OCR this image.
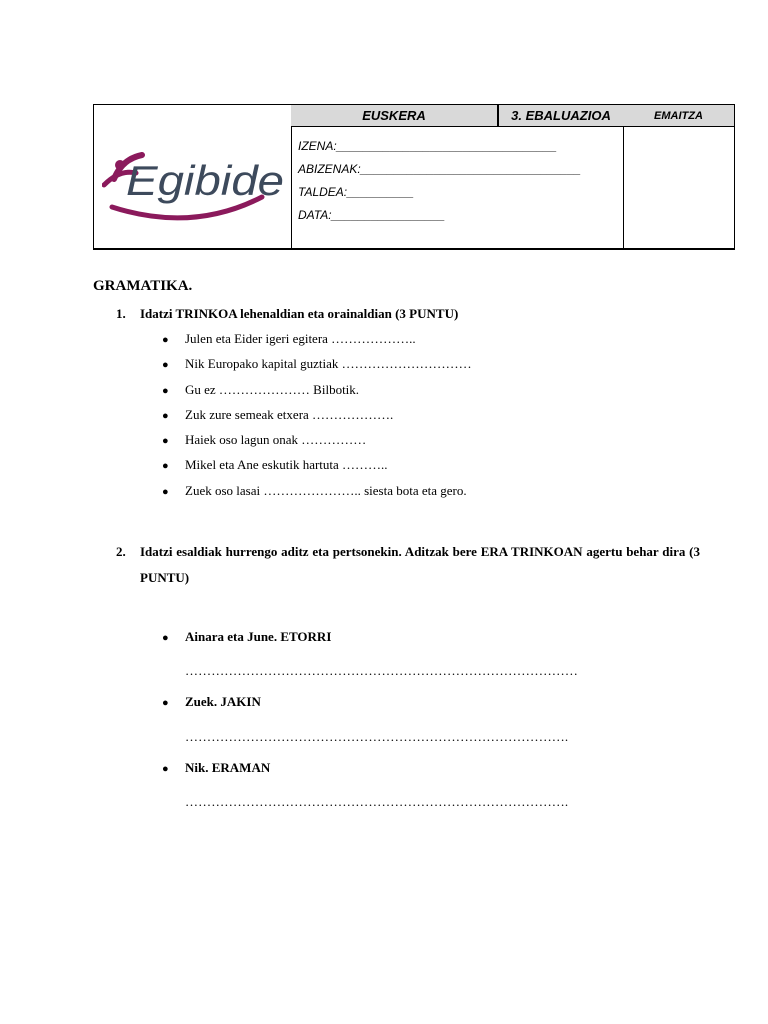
Egibide
EUSKERA	3. EBALUAZIOA
IZENA:_________________________________
ABIZENAK:_________________________________
TALDEA:__________
DATA:_________________
EMAITZA
GRAMATIKA.
1. Idatzi TRINKOA lehenaldian eta orainaldian (3 PUNTU)
● Julen eta Eider igeri egitera ………………..
● Nik Europako kapital guztiak …………………………
● Gu ez ………………… Bilbotik.
● Zuk zure semeak etxera ……………….
● Haiek oso lagun onak ……………
● Mikel eta Ane eskutik hartuta ………..
● Zuek oso lasai ………………….. siesta bota eta gero.
2. Idatzi esaldiak hurrengo aditz eta pertsonekin. Aditzak bere ERA TRINKOAN agertu behar dira (3 PUNTU)
● Ainara eta June. ETORRI
………………………………………………………………………………
● Zuek. JAKIN
…………………………………………………………………………….
● Nik. ERAMAN
…………………………………………………………………………….
